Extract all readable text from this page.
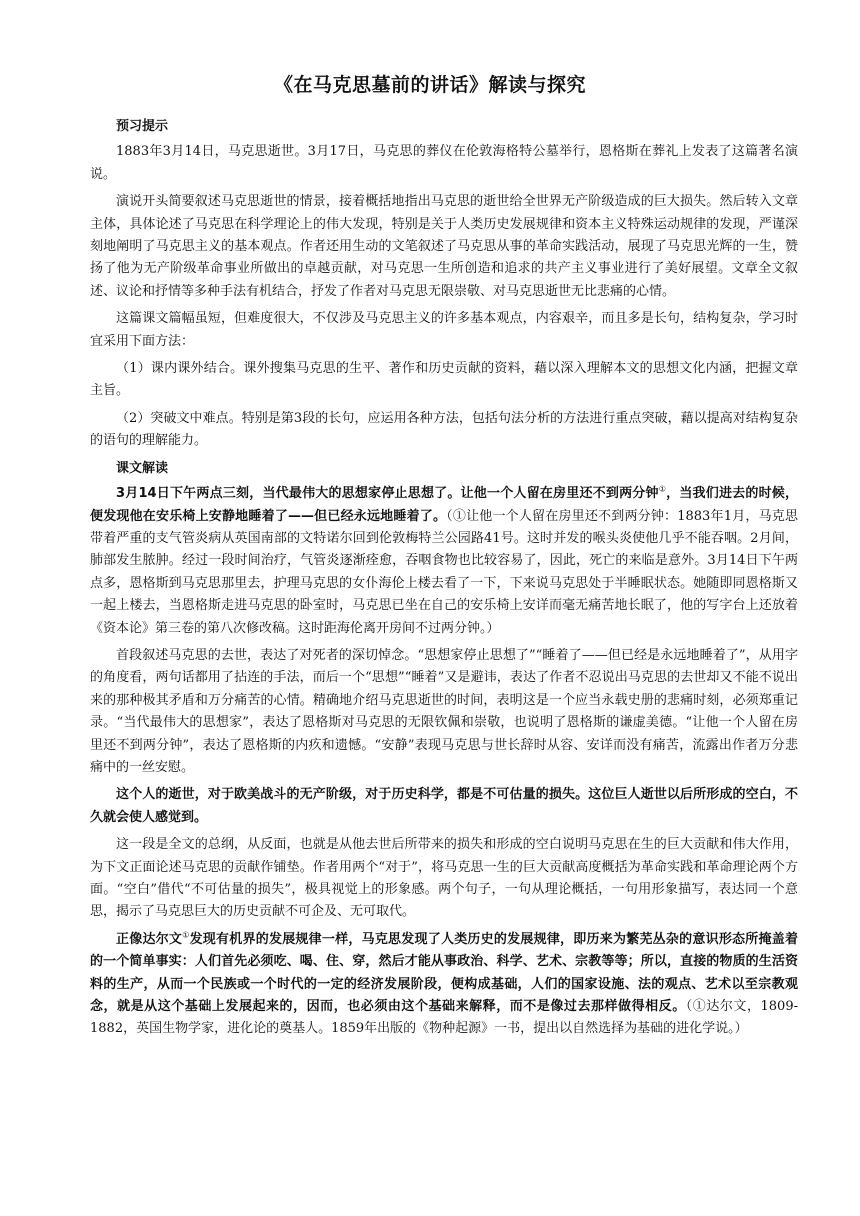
《在马克思墓前的讲话》解读与探究
预习提示

1883年3月14日，马克思逝世。3月17日，马克思的葬仪在伦敦海格特公墓举行，恩格斯在葬礼上发表了这篇著名演说。

演说开头简要叙述马克思逝世的情景，接着概括地指出马克思的逝世给全世界无产阶级造成的巨大损失。然后转入文章主体，具体论述了马克思在科学理论上的伟大发现，特别是关于人类历史发展规律和资本主义特殊运动规律的发现，严谨深刻地阐明了马克思主义的基本观点。作者还用生动的文笔叙述了马克思从事的革命实践活动，展现了马克思光辉的一生，赞扬了他为无产阶级革命事业所做出的卓越贡献，对马克思一生所创造和追求的共产主义事业进行了美好展望。文章全文叙述、议论和抒情等多种手法有机结合，抒发了作者对马克思无限崇敬、对马克思逝世无比悲痛的心情。

这篇课文篇幅虽短，但难度很大，不仅涉及马克思主义的许多基本观点，内容艰辛，而且多是长句，结构复杂，学习时宜采用下面方法：

（1）课内课外结合。课外搜集马克思的生平、著作和历史贡献的资料，藉以深入理解本文的思想文化内涵，把握文章主旨。

（2）突破文中难点。特别是第3段的长句，应运用各种方法，包括句法分析的方法进行重点突破，藉以提高对结构复杂的语句的理解能力。

课文解读

3月14日下午两点三刻，当代最伟大的思想家停止思想了。让他一个人留在房里还不到两分钟①，当我们进去的时候，便发现他在安乐椅上安静地睡着了——但已经永远地睡着了。（①让他一个人留在房里还不到两分钟：1883年1月，马克思带着严重的支气管炎病从英国南部的文特诺尔回到伦敦梅特兰公园路41号。这时并发的喉头炎使他几乎不能吞咽。2月间，肺部发生脓肿。经过一段时间治疗，气管炎逐渐痊愈，吞咽食物也比较容易了，因此，死亡的来临是意外。3月14日下午两点多，恩格斯到马克思那里去，护理马克思的女仆海伦上楼去看了一下，下来说马克思处于半睡眠状态。她随即同恩格斯又一起上楼去，当恩格斯走进马克思的卧室时，马克思已坐在自己的安乐椅上安详而毫无痛苦地长眠了，他的写字台上还放着《资本论》第三卷的第八次修改稿。这时距海伦离开房间不过两分钟。）

首段叙述马克思的去世，表达了对死者的深切悼念。“思想家停止思想了”“睡着了——但已经是永远地睡着了”，从用字的角度看，两句话都用了拈连的手法，而后一个“思想”“睡着”又是避讳，表达了作者不忍说出马克思的去世却又不能不说出来的那种极其矛盾和万分痛苦的心情。精确地介绍马克思逝世的时间，表明这是一个应当永载史册的悲痛时刻，必须郑重记录。“当代最伟大的思想家”，表达了恩格斯对马克思的无限钦佩和崇敬，也说明了恩格斯的谦虚美德。“让他一个人留在房里还不到两分钟”，表达了恩格斯的内疚和遗憾。“安静”表现马克思与世长辞时从容、安详而没有痛苦，流露出作者万分悲痛中的一丝安慰。

这个人的逝世，对于欧美战斗的无产阶级，对于历史科学，都是不可估量的损失。这位巨人逝世以后所形成的空白，不久就会使人感觉到。

这一段是全文的总纲，从反面，也就是从他去世后所带来的损失和形成的空白说明马克思在生的巨大贡献和伟大作用，为下文正面论述马克思的贡献作铺垫。作者用两个“对于”，将马克思一生的巨大贡献高度概括为革命实践和革命理论两个方面。“空白”借代“不可估量的损失”，极具视觉上的形象感。两个句子，一句从理论概括，一句用形象描写，表达同一个意思，揭示了马克思巨大的历史贡献不可企及、无可取代。

正像达尔文①发现有机界的发展规律一样，马克思发现了人类历史的发展规律，即历来为繁芜丛杂的意识形态所掩盖着的一个简单事实：人们首先必须吃、喝、住、穿，然后才能从事政治、科学、艺术、宗教等等；所以，直接的物质的生活资料的生产，从而一个民族或一个时代的一定的经济发展阶段，便构成基础，人们的国家设施、法的观点、艺术以至宗教观念，就是从这个基础上发展起来的，因而，也必须由这个基础来解释，而不是像过去那样做得相反。（①达尔文，1809-1882，英国生物学家，进化论的奠基人。1859年出版的《物种起源》一书，提出以自然选择为基础的进化学说。）
